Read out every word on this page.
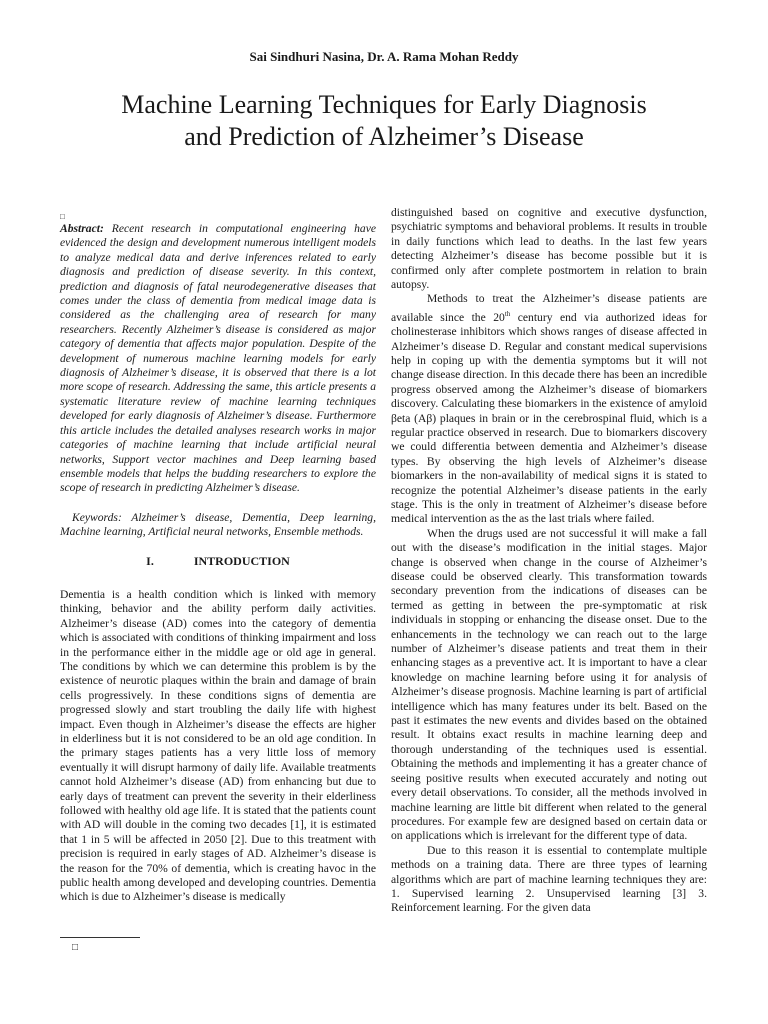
Sai Sindhuri Nasina, Dr. A. Rama Mohan Reddy
Machine Learning Techniques for Early Diagnosis and Prediction of Alzheimer’s Disease
□

Abstract: Recent research in computational engineering have evidenced the design and development numerous intelligent models to analyze medical data and derive inferences related to early diagnosis and prediction of disease severity. In this context, prediction and diagnosis of fatal neurodegenerative diseases that comes under the class of dementia from medical image data is considered as the challenging area of research for many researchers. Recently Alzheimer’s disease is considered as major category of dementia that affects major population. Despite of the development of numerous machine learning models for early diagnosis of Alzheimer’s disease, it is observed that there is a lot more scope of research. Addressing the same, this article presents a systematic literature review of machine learning techniques developed for early diagnosis of Alzheimer’s disease. Furthermore this article includes the detailed analyses research works in major categories of machine learning that include artificial neural networks, Support vector machines and Deep learning based ensemble models that helps the budding researchers to explore the scope of research in predicting Alzheimer’s disease.

Keywords: Alzheimer’s disease, Dementia, Deep learning, Machine learning, Artificial neural networks, Ensemble methods.

I.	INTRODUCTION

Dementia is a health condition which is linked with memory thinking, behavior and the ability perform daily activities. Alzheimer’s disease (AD) comes into the category of dementia which is associated with conditions of thinking impairment and loss in the performance either in the middle age or old age in general. The conditions by which we can determine this problem is by the existence of neurotic plaques within the brain and damage of brain cells progressively. In these conditions signs of dementia are progressed slowly and start troubling the daily life with highest impact. Even though in Alzheimer’s disease the effects are higher in elderliness but it is not considered to be an old age condition. In the primary stages patients has a very little loss of memory eventually it will disrupt harmony of daily life. Available treatments cannot hold Alzheimer’s disease (AD) from enhancing but due to early days of treatment can prevent the severity in their elderliness followed with healthy old age life. It is stated that the patients count with AD will double in the coming two decades [1], it is estimated that 1 in 5 will be affected in 2050 [2]. Due to this treatment with precision is required in early stages of AD. Alzheimer’s disease is the reason for the 70% of dementia, which is creating havoc in the public health among developed and developing countries. Dementia which is due to Alzheimer’s disease is medically

distinguished based on cognitive and executive dysfunction, psychiatric symptoms and behavioral problems. It results in trouble in daily functions which lead to deaths. In the last few years detecting Alzheimer’s disease has become possible but it is confirmed only after complete postmortem in relation to brain autopsy.

Methods to treat the Alzheimer’s disease patients are available since the 20th century end via authorized ideas for cholinesterase inhibitors which shows ranges of disease affected in Alzheimer’s disease D. Regular and constant medical supervisions help in coping up with the dementia symptoms but it will not change disease direction. In this decade there has been an incredible progress observed among the Alzheimer’s disease of biomarkers discovery. Calculating these biomarkers in the existence of amyloid βeta (Aβ) plaques in brain or in the cerebrospinal fluid, which is a regular practice observed in research. Due to biomarkers discovery we could differentia between dementia and Alzheimer’s disease types. By observing the high levels of Alzheimer’s disease biomarkers in the non-availability of medical signs it is stated to recognize the potential Alzheimer’s disease patients in the early stage. This is the only in treatment of Alzheimer’s disease before medical intervention as the as the last trials where failed.

When the drugs used are not successful it will make a fall out with the disease’s modification in the initial stages. Major change is observed when change in the course of Alzheimer’s disease could be observed clearly. This transformation towards secondary prevention from the indications of diseases can be termed as getting in between the pre-symptomatic at risk individuals in stopping or enhancing the disease onset. Due to the enhancements in the technology we can reach out to the large number of Alzheimer’s disease patients and treat them in their enhancing stages as a preventive act. It is important to have a clear knowledge on machine learning before using it for analysis of Alzheimer’s disease prognosis. Machine learning is part of artificial intelligence which has many features under its belt. Based on the past it estimates the new events and divides based on the obtained result. It obtains exact results in machine learning deep and thorough understanding of the techniques used is essential. Obtaining the methods and implementing it has a greater chance of seeing positive results when executed accurately and noting out every detail observations. To consider, all the methods involved in machine learning are little bit different when related to the general procedures. For example few are designed based on certain data or on applications which is irrelevant for the different type of data.

Due to this reason it is essential to contemplate multiple methods on a training data. There are three types of learning algorithms which are part of machine learning techniques they are: 1. Supervised learning 2. Unsupervised learning [3] 3. Reinforcement learning. For the given data

□
